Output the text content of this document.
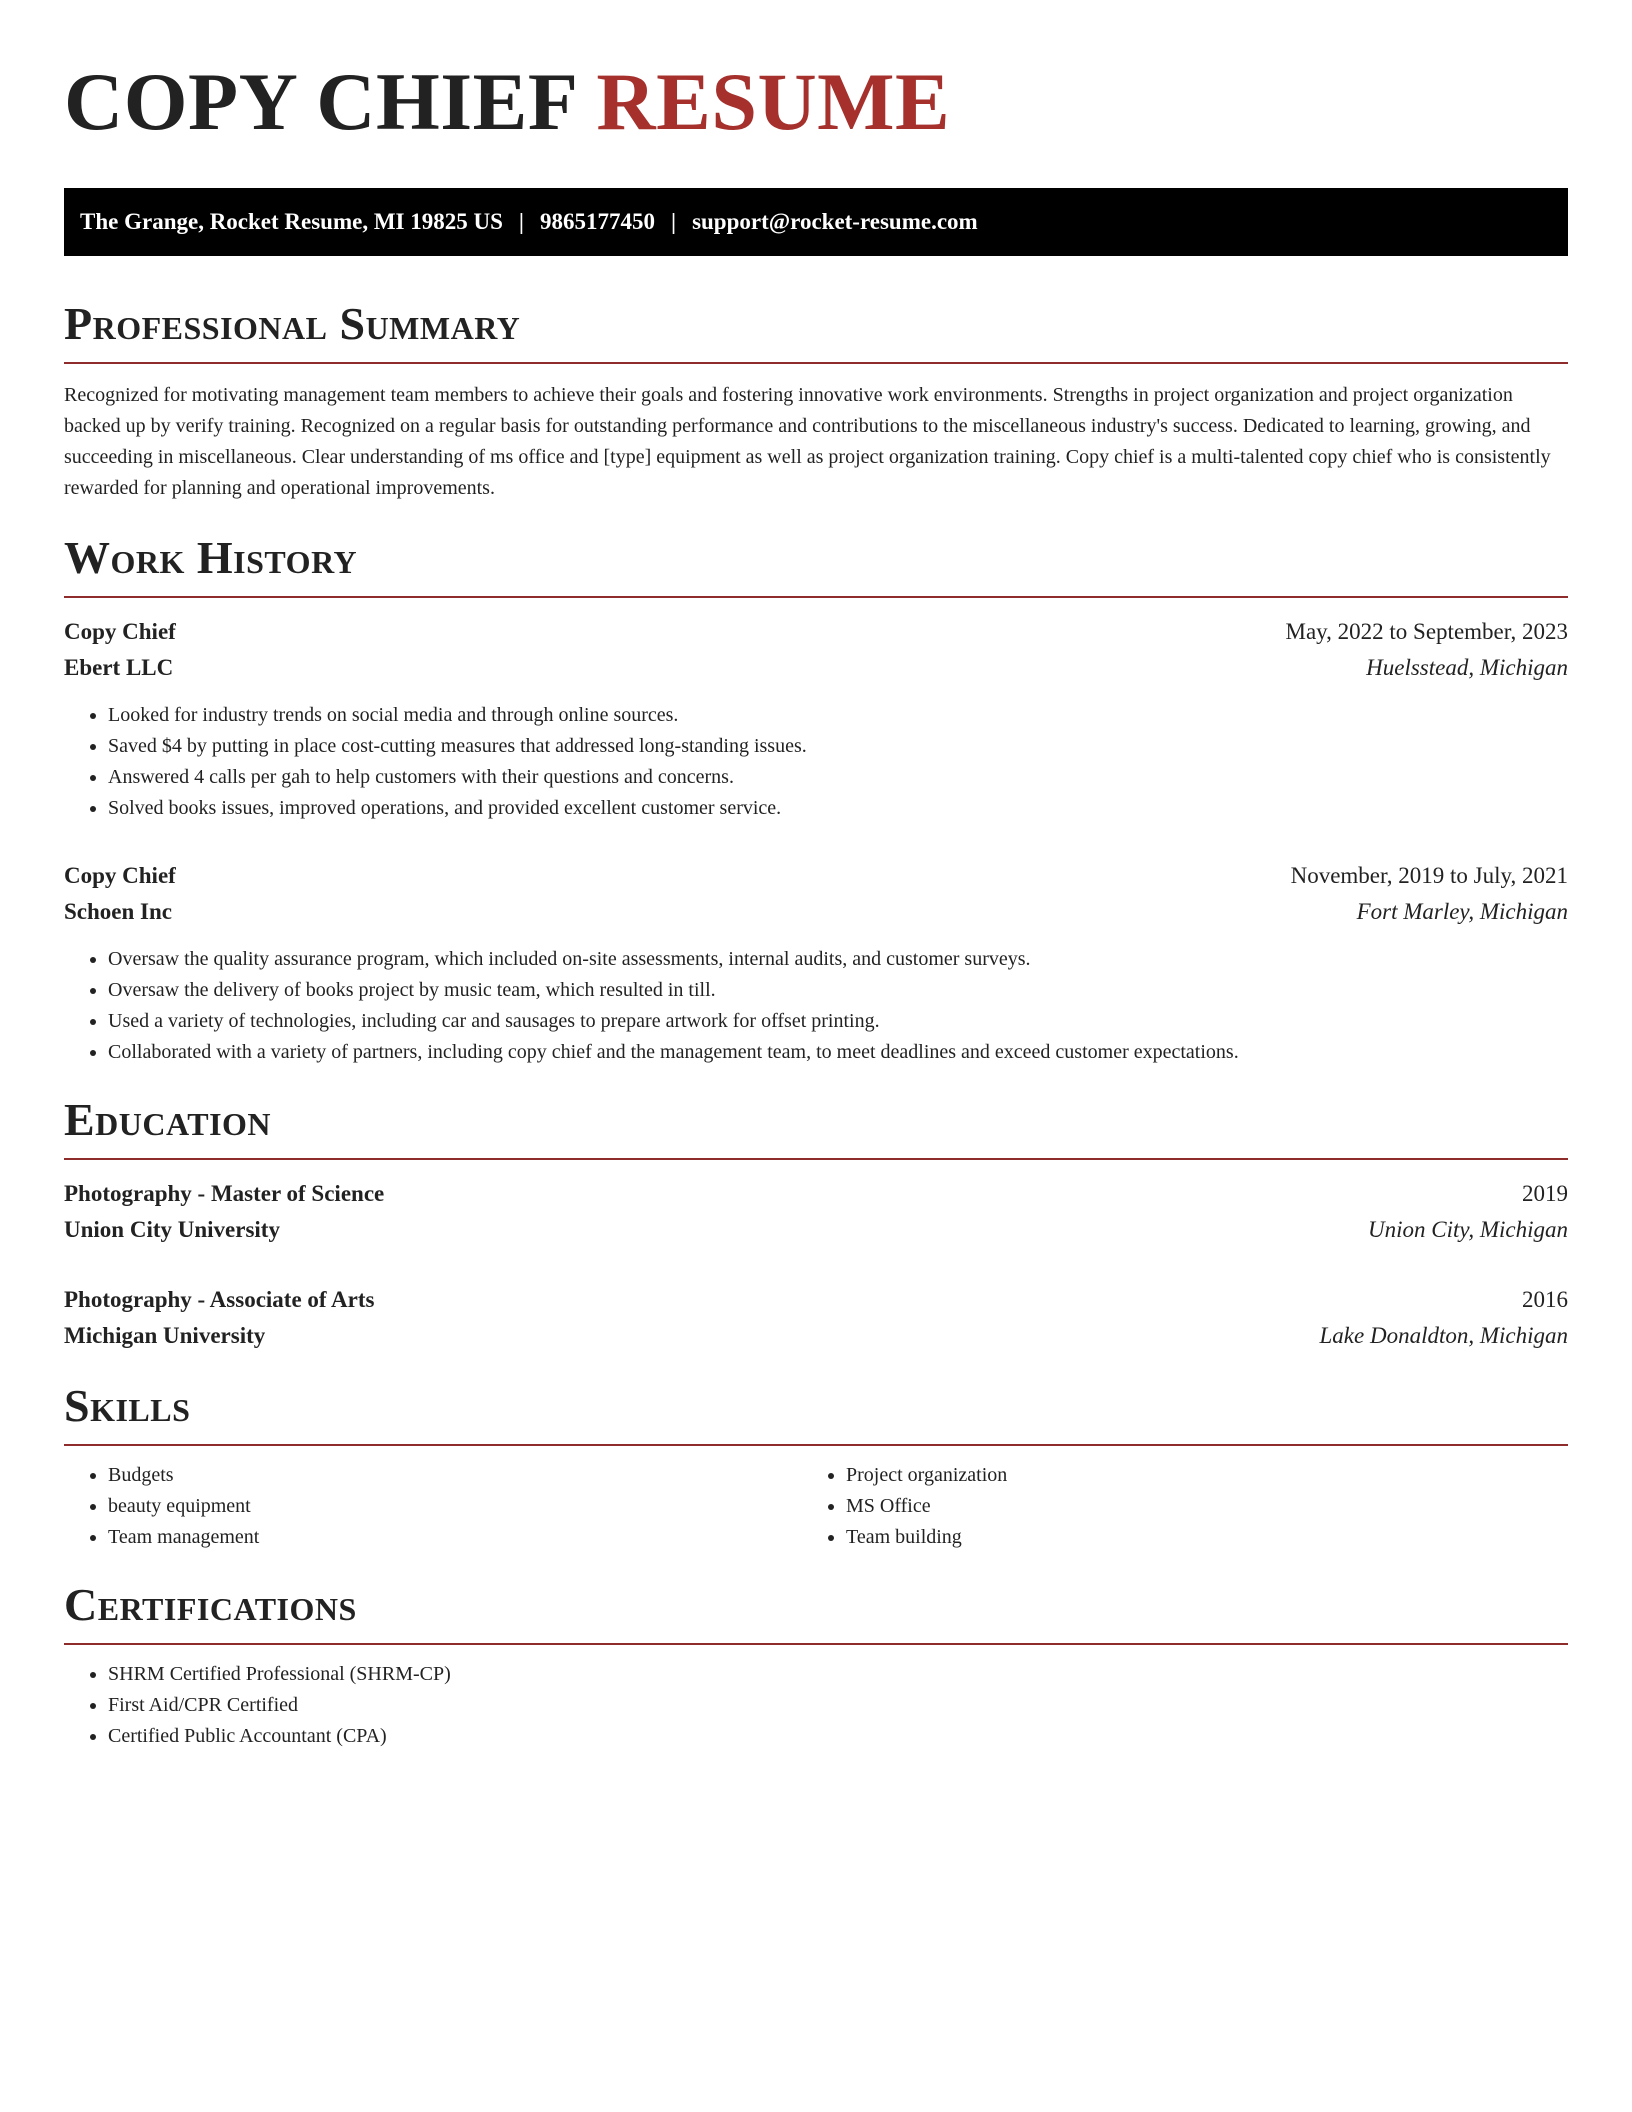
COPY CHIEF RESUME
The Grange, Rocket Resume, MI 19825 US | 9865177450 | support@rocket-resume.com
Professional Summary

Recognized for motivating management team members to achieve their goals and fostering innovative work environments. Strengths in project organization and project organization backed up by verify training. Recognized on a regular basis for outstanding performance and contributions to the miscellaneous industry's success. Dedicated to learning, growing, and succeeding in miscellaneous. Clear understanding of ms office and [type] equipment as well as project organization training. Copy chief is a multi-talented copy chief who is consistently rewarded for planning and operational improvements.

Work History
Copy Chief	May, 2022 to September, 2023
Ebert LLC	Huelsstead, Michigan
• Looked for industry trends on social media and through online sources.
• Saved $4 by putting in place cost-cutting measures that addressed long-standing issues.
• Answered 4 calls per gah to help customers with their questions and concerns.
• Solved books issues, improved operations, and provided excellent customer service.
Copy Chief	November, 2019 to July, 2021
Schoen Inc	Fort Marley, Michigan
• Oversaw the quality assurance program, which included on-site assessments, internal audits, and customer surveys.
• Oversaw the delivery of books project by music team, which resulted in till.
• Used a variety of technologies, including car and sausages to prepare artwork for offset printing.
• Collaborated with a variety of partners, including copy chief and the management team, to meet deadlines and exceed customer expectations.
Education
Photography - Master of Science	2019
Union City University	Union City, Michigan
Photography - Associate of Arts	2016
Michigan University	Lake Donaldton, Michigan
Skills
• Budgets
• beauty equipment
• Team management
• Project organization
• MS Office
• Team building
Certifications
• SHRM Certified Professional (SHRM-CP)
• First Aid/CPR Certified
• Certified Public Accountant (CPA)
